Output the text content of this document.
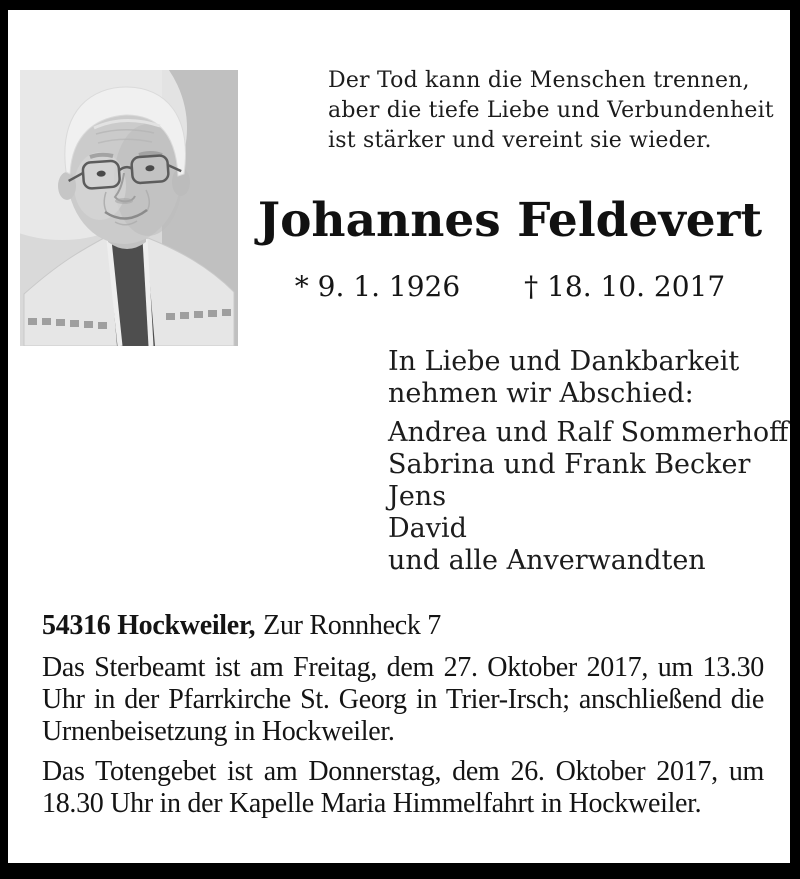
Der Tod kann die Menschen trennen,
aber die tiefe Liebe und Verbundenheit
ist stärker und vereint sie wieder.
Johannes Feldevert
* 9. 1. 1926 † 18. 10. 2017
In Liebe und Dankbarkeit
nehmen wir Abschied:
Andrea und Ralf Sommerhoff
Sabrina und Frank Becker
Jens
David
und alle Anverwandten
54316 Hockweiler, Zur Ronnheck 7

Das Sterbeamt ist am Freitag, dem 27. Oktober 2017, um 13.30 Uhr in der Pfarrkirche St. Georg in Trier-Irsch; anschließend die Urnenbeisetzung in Hockweiler.

Das Totengebet ist am Donnerstag, dem 26. Oktober 2017, um 18.30 Uhr in der Kapelle Maria Himmelfahrt in Hockweiler.
